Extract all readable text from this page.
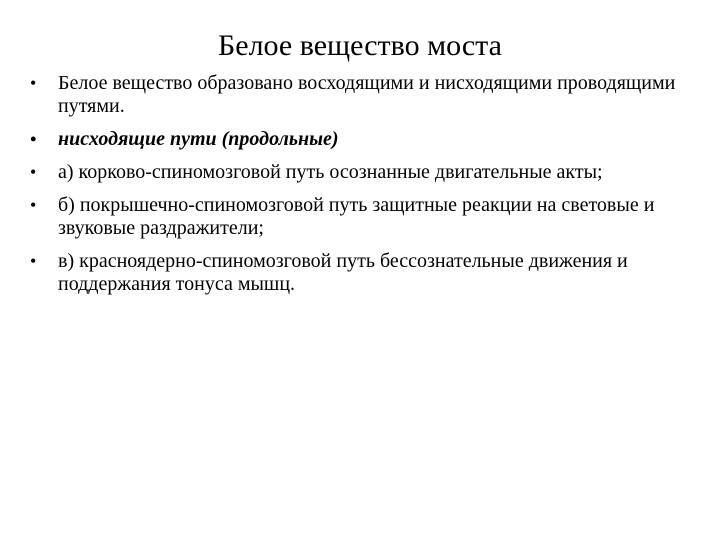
Белое вещество моста
• Белое вещество образовано восходящими и нисходящими проводящими путями.
• нисходящие пути (продольные)
• а) корково-спиномозговой путь осознанные двигательные акты;
• б) покрышечно-спиномозговой путь защитные реакции на световые и звуковые раздражители;
• в) красноядерно-спиномозговой путь бессознательные движения и поддержания тонуса мышц.
